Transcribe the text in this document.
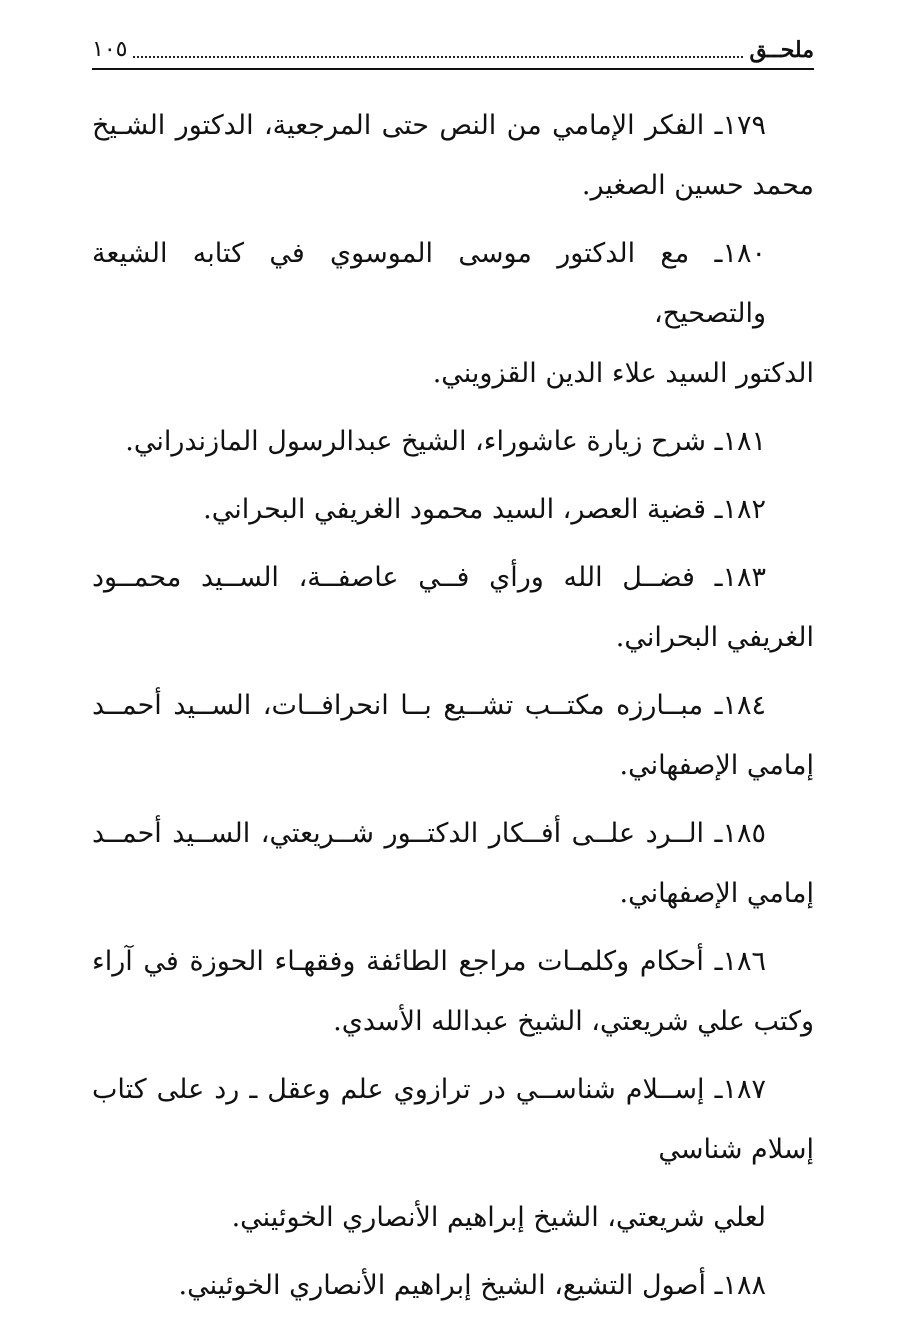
ملحــق
١٠٥
١٧٩ـ الفكر الإمامي من النص حتى المرجعية، الدكتور الشـيخ
محمد حسين الصغير.
١٨٠ـ مع الدكتور موسى الموسوي في كتابه الشيعة والتصحيح،
الدكتور السيد علاء الدين القزويني.
١٨١ـ شرح زيارة عاشوراء، الشيخ عبدالرسول المازندراني.
١٨٢ـ قضية العصر، السيد محمود الغريفي البحراني.
١٨٣ـ فضــل الله ورأي فــي عاصفــة، الســيد محمــود
الغريفي البحراني.
١٨٤ـ مبــارزه مكتــب تشــيع بــا انحرافــات، الســيد أحمــد
إمامي الإصفهاني.
١٨٥ـ الــرد علــى أفــكار الدكتــور شــريعتي، الســيد أحمــد
إمامي الإصفهاني.
١٨٦ـ أحكام وكلمـات مراجع الطائفة وفقهـاء الحوزة في آراء
وكتب علي شريعتي، الشيخ عبدالله الأسدي.
١٨٧ـ إســلام شناســي در ترازوي علم وعقل ـ رد على كتاب
إسلام شناسي
لعلي شريعتي، الشيخ إبراهيم الأنصاري الخوئيني.
١٨٨ـ أصول التشيع، الشيخ إبراهيم الأنصاري الخوئيني.
